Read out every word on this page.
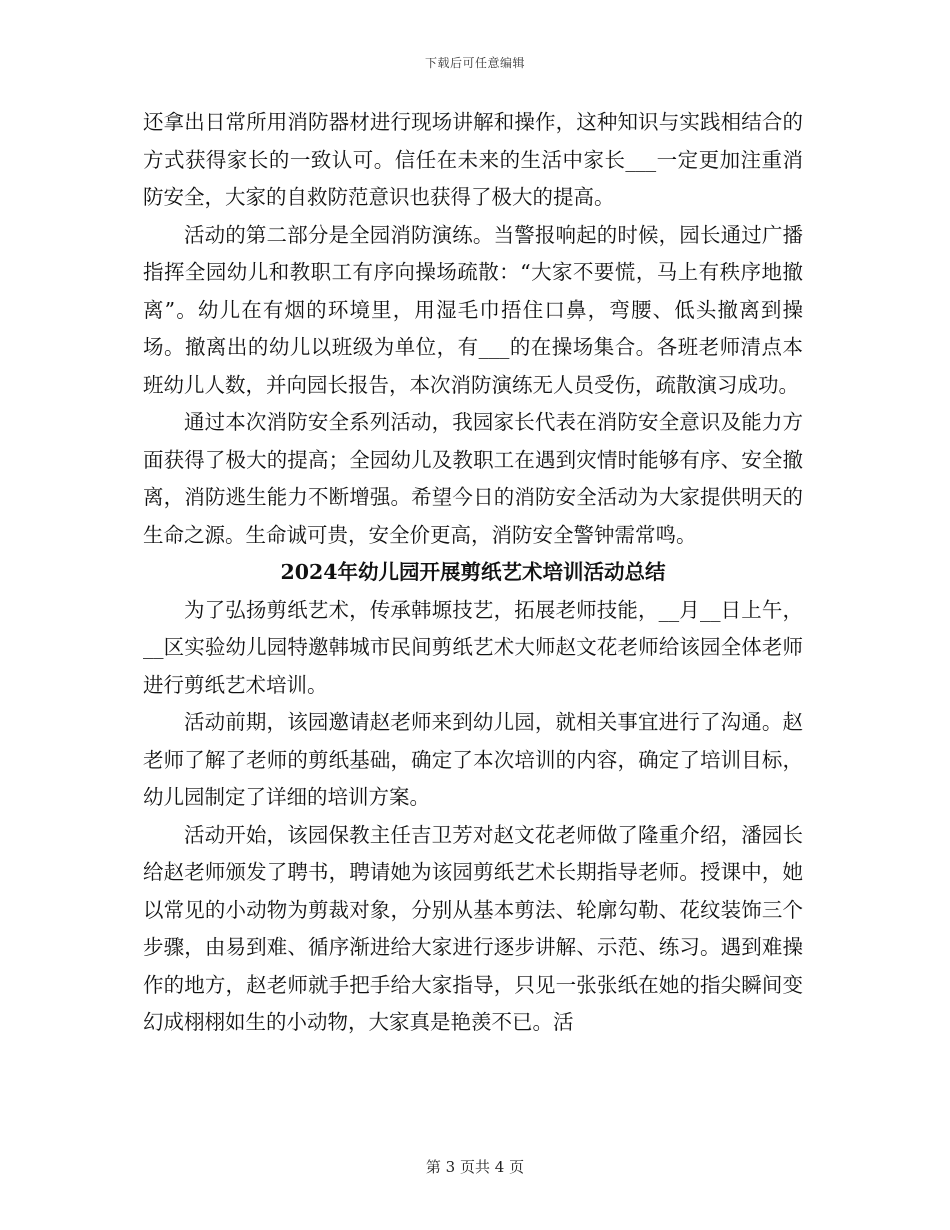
下载后可任意编辑

还拿出日常所用消防器材进行现场讲解和操作，这种知识与实践相结合的方式获得家长的一致认可。信任在未来的生活中家长___一定更加注重消防安全，大家的自救防范意识也获得了极大的提高。

活动的第二部分是全园消防演练。当警报响起的时候，园长通过广播指挥全园幼儿和教职工有序向操场疏散：“大家不要慌，马上有秩序地撤离”。幼儿在有烟的环境里，用湿毛巾捂住口鼻，弯腰、低头撤离到操场。撤离出的幼儿以班级为单位，有___的在操场集合。各班老师清点本班幼儿人数，并向园长报告，本次消防演练无人员受伤，疏散演习成功。

通过本次消防安全系列活动，我园家长代表在消防安全意识及能力方面获得了极大的提高；全园幼儿及教职工在遇到灾情时能够有序、安全撤离，消防逃生能力不断增强。希望今日的消防安全活动为大家提供明天的生命之源。生命诚可贵，安全价更高，消防安全警钟需常鸣。

2024年幼儿园开展剪纸艺术培训活动总结

为了弘扬剪纸艺术，传承韩塬技艺，拓展老师技能，__月__日上午，__区实验幼儿园特邀韩城市民间剪纸艺术大师赵文花老师给该园全体老师进行剪纸艺术培训。

活动前期，该园邀请赵老师来到幼儿园，就相关事宜进行了沟通。赵老师了解了老师的剪纸基础，确定了本次培训的内容，确定了培训目标，幼儿园制定了详细的培训方案。

活动开始，该园保教主任吉卫芳对赵文花老师做了隆重介绍，潘园长给赵老师颁发了聘书，聘请她为该园剪纸艺术长期指导老师。授课中，她以常见的小动物为剪裁对象，分别从基本剪法、轮廓勾勒、花纹装饰三个步骤，由易到难、循序渐进给大家进行逐步讲解、示范、练习。遇到难操作的地方，赵老师就手把手给大家指导，只见一张张纸在她的指尖瞬间变幻成栩栩如生的小动物，大家真是艳羡不已。活

第 3 页共 4 页
